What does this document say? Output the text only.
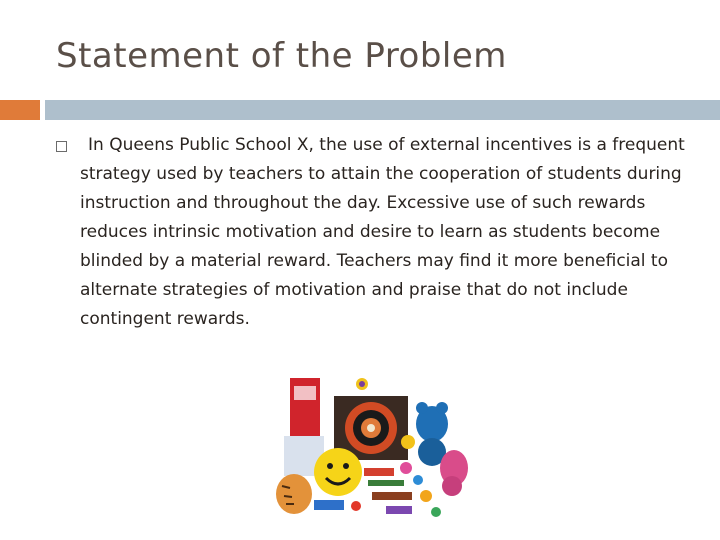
Statement of the Problem
In Queens Public School X, the use of external incentives is a frequent strategy used by teachers to attain the cooperation of students during instruction and throughout the day. Excessive use of such rewards reduces intrinsic motivation and desire to learn as students become blinded by a material reward. Teachers may find it more beneficial to alternate strategies of motivation and praise that do not include contingent rewards.
